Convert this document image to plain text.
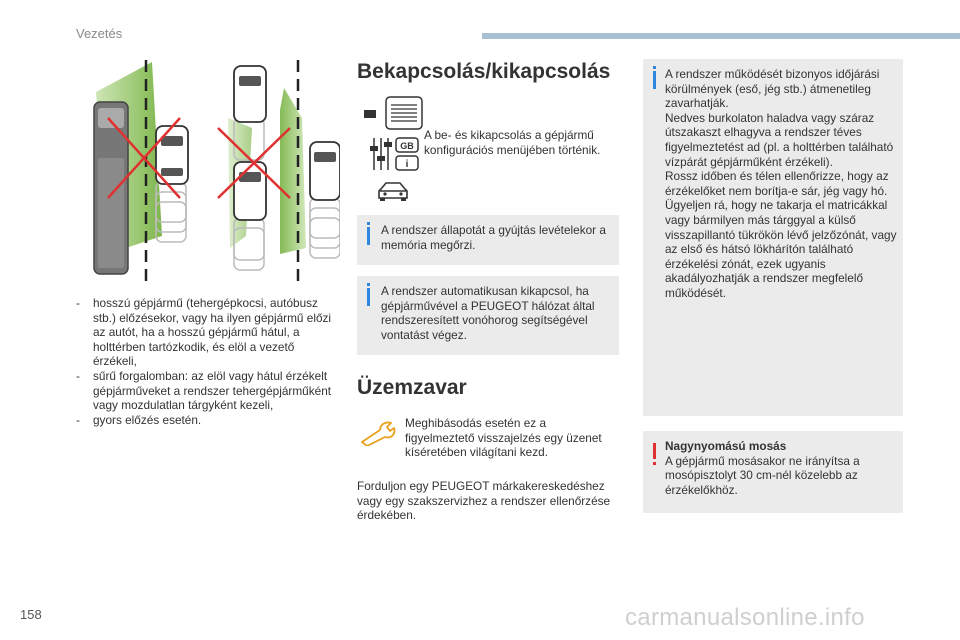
Vezetés
- hosszú gépjármű (tehergépkocsi, autóbusz stb.) előzésekor, vagy ha ilyen gépjármű előzi az autót, ha a hosszú gépjármű hátul, a holttérben tartózkodik, és elöl a vezető érzékeli,
- sűrű forgalomban: az elöl vagy hátul érzékelt gépjárműveket a rendszer tehergépjárműként vagy mozdulatlan tárgyként kezeli,
- gyors előzés esetén.
Bekapcsolás/kikapcsolás
GB
i
A be- és kikapcsolás a gépjármű konfigurációs menüjében történik.
A rendszer állapotát a gyújtás levételekor a memória megőrzi.
A rendszer automatikusan kikapcsol, ha gépjárművével a PEUGEOT hálózat által rendszeresített vonóhorog segítségével vontatást végez.
Üzemzavar
Meghibásodás esetén ez a figyelmeztető visszajelzés egy üzenet kíséretében világítani kezd.
Forduljon egy PEUGEOT márkakereskedéshez vagy egy szakszervizhez a rendszer ellenőrzése érdekében.
A rendszer működését bizonyos időjárási körülmények (eső, jég stb.) átmenetileg zavarhatják.
Nedves burkolaton haladva vagy száraz útszakaszt elhagyva a rendszer téves figyelmeztetést ad (pl. a holttérben található vízpárát gépjárműként érzékeli).
Rossz időben és télen ellenőrizze, hogy az érzékelőket nem borítja-e sár, jég vagy hó.
Ügyeljen rá, hogy ne takarja el matricákkal vagy bármilyen más tárggyal a külső visszapillantó tükrökön lévő jelzőzónát, vagy az első és hátsó lökhárítón található érzékelési zónát, ezek ugyanis akadályozhatják a rendszer megfelelő működését.
Nagynyomású mosás
A gépjármű mosásakor ne irányítsa a mosópisztolyt 30 cm-nél közelebb az érzékelőkhöz.
158	carmanualsonline.info
